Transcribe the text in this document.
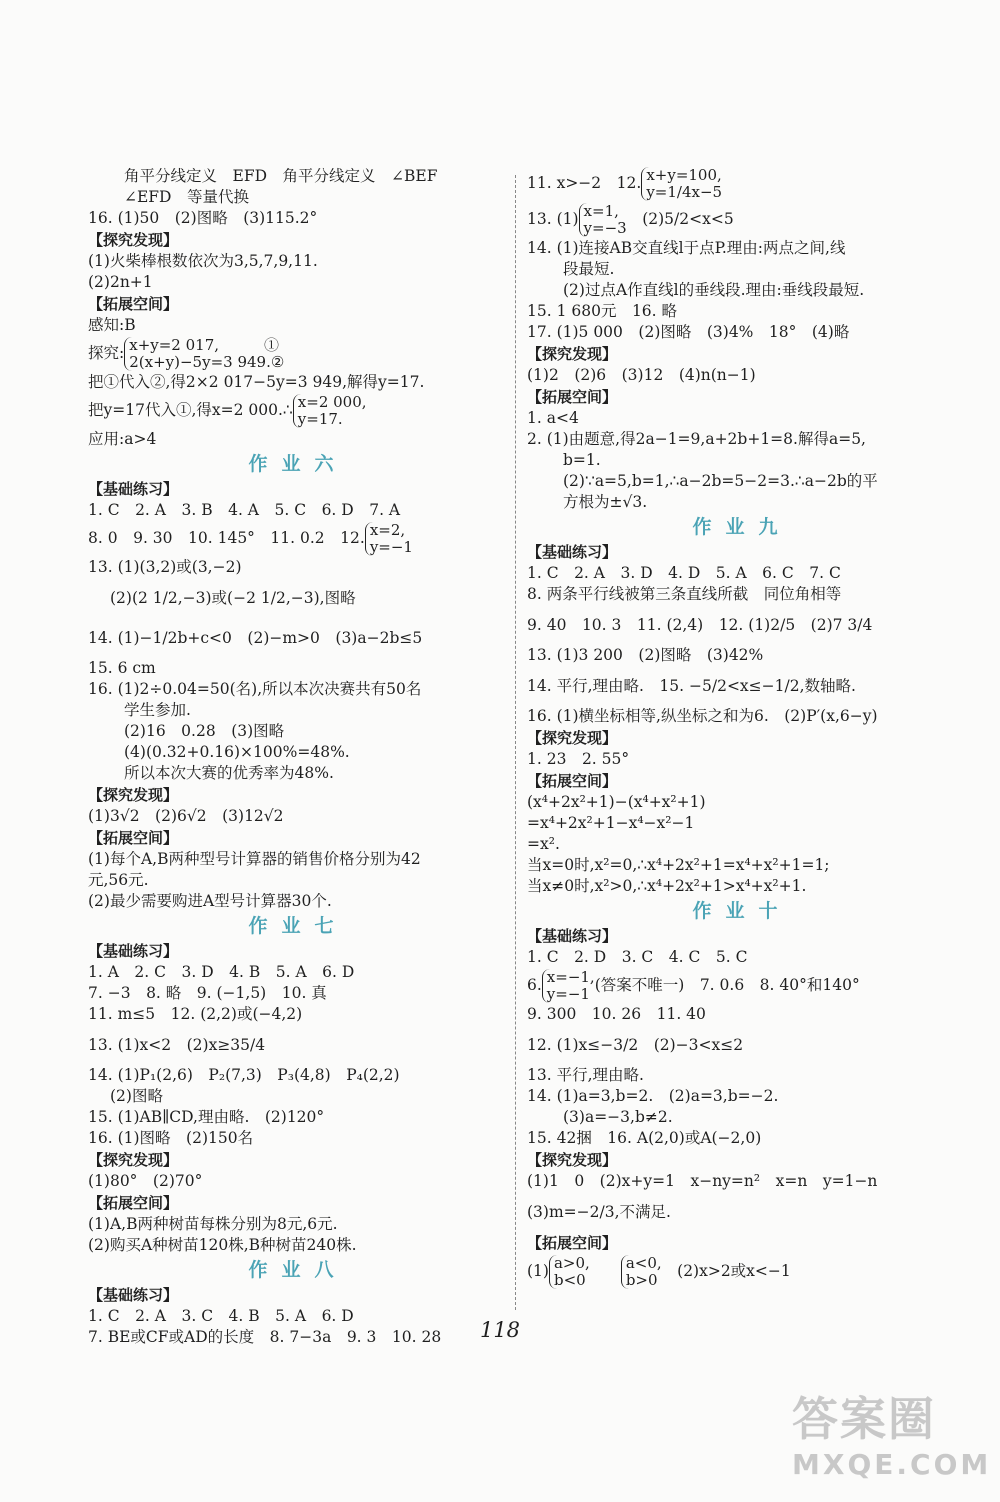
角平分线定义　EFD　角平分线定义　∠BEF
∠EFD　等量代换
16. (1)50　(2)图略　(3)115.2°
【探究发现】
(1)火柴棒根数依次为3,5,7,9,11.
(2)2n+1
【拓展空间】
感知:B
探究: x+y=2 017,　　　①
2(x+y)−5y=3 949.②
把①代入②,得2×2 017−5y=3 949,解得y=17.
把y=17代入①,得x=2 000.∴ x=2 000,
y=17.
应用:a>4
作业六
【基础练习】
1. C　2. A　3. B　4. A　5. C　6. D　7. A
8. 0　9. 30　10. 145°　11. 0.2　12. x=2,
y=−1
13. (1)(3,2)或(3,−2)
(2)(2 1/2,−3)或(−2 1/2,−3),图略
14. (1)−1/2b+c<0　(2)−m>0　(3)a−2b≤5
15. 6 cm
16. (1)2÷0.04=50(名),所以本次决赛共有50名
学生参加.
(2)16　0.28　(3)图略
(4)(0.32+0.16)×100%=48%.
所以本次大赛的优秀率为48%.
【探究发现】
(1)3√2　(2)6√2　(3)12√2
【拓展空间】
(1)每个A,B两种型号计算器的销售价格分别为42
元,56元.
(2)最少需要购进A型号计算器30个.
作业七
【基础练习】
1. A　2. C　3. D　4. B　5. A　6. D
7. −3　8. 略　9. (−1,5)　10. 真
11. m≤5　12. (2,2)或(−4,2)
13. (1)x<2　(2)x≥35/4
14. (1)P₁(2,6)　P₂(7,3)　P₃(4,8)　P₄(2,2)
(2)图略
15. (1)AB∥CD,理由略.　(2)120°
16. (1)图略　(2)150名
【探究发现】
(1)80°　(2)70°
【拓展空间】
(1)A,B两种树苗每株分别为8元,6元.
(2)购买A种树苗120株,B种树苗240株.
作业八
【基础练习】
1. C　2. A　3. C　4. B　5. A　6. D
7. BE或CF或AD的长度　8. 7−3a　9. 3　10. 28
11. x>−2　12. x+y=100,
y=1/4x−5
13. (1) x=1,
y=−3 　(2)5/2<x<5
14. (1)连接AB交直线l于点P.理由:两点之间,线
段最短.
(2)过点A作直线l的垂线段.理由:垂线段最短.
15. 1 680元　16. 略
17. (1)5 000　(2)图略　(3)4%　18°　(4)略
【探究发现】
(1)2　(2)6　(3)12　(4)n(n−1)
【拓展空间】
1. a<4
2. (1)由题意,得2a−1=9,a+2b+1=8.解得a=5,
b=1.
(2)∵a=5,b=1,∴a−2b=5−2=3.∴a−2b的平
方根为±√3.
作业九
【基础练习】
1. C　2. A　3. D　4. D　5. A　6. C　7. C
8. 两条平行线被第三条直线所截　同位角相等
9. 40　10. 3　11. (2,4)　12. (1)2/5　(2)7 3/4
13. (1)3 200　(2)图略　(3)42%
14. 平行,理由略.　15. −5/2<x≤−1/2,数轴略.
16. (1)横坐标相等,纵坐标之和为6.　(2)P′(x,6−y)
【探究发现】
1. 23　2. 55°
【拓展空间】
(x⁴+2x²+1)−(x⁴+x²+1)
=x⁴+2x²+1−x⁴−x²−1
=x².
当x=0时,x²=0,∴x⁴+2x²+1=x⁴+x²+1=1;
当x≠0时,x²>0,∴x⁴+2x²+1>x⁴+x²+1.
作业十
【基础练习】
1. C　2. D　3. C　4. C　5. C
6. x=−1,
y=−1 (答案不唯一)　7. 0.6　8. 40°和140°
9. 300　10. 26　11. 40
12. (1)x≤−3/2　(2)−3<x≤2
13. 平行,理由略.
14. (1)a=3,b=2.　(2)a=3,b=−2.
(3)a=−3,b≠2.
15. 42捆　16. A(2,0)或A(−2,0)
【探究发现】
(1)1　0　(2)x+y=1　x−ny=n²　x=n　y=1−n
(3)m=−2/3,不满足.
【拓展空间】
(1) a>0,
b<0

a<0,
b>0 　(2)x>2或x<−1
118
答案圈
MXQE.COM
